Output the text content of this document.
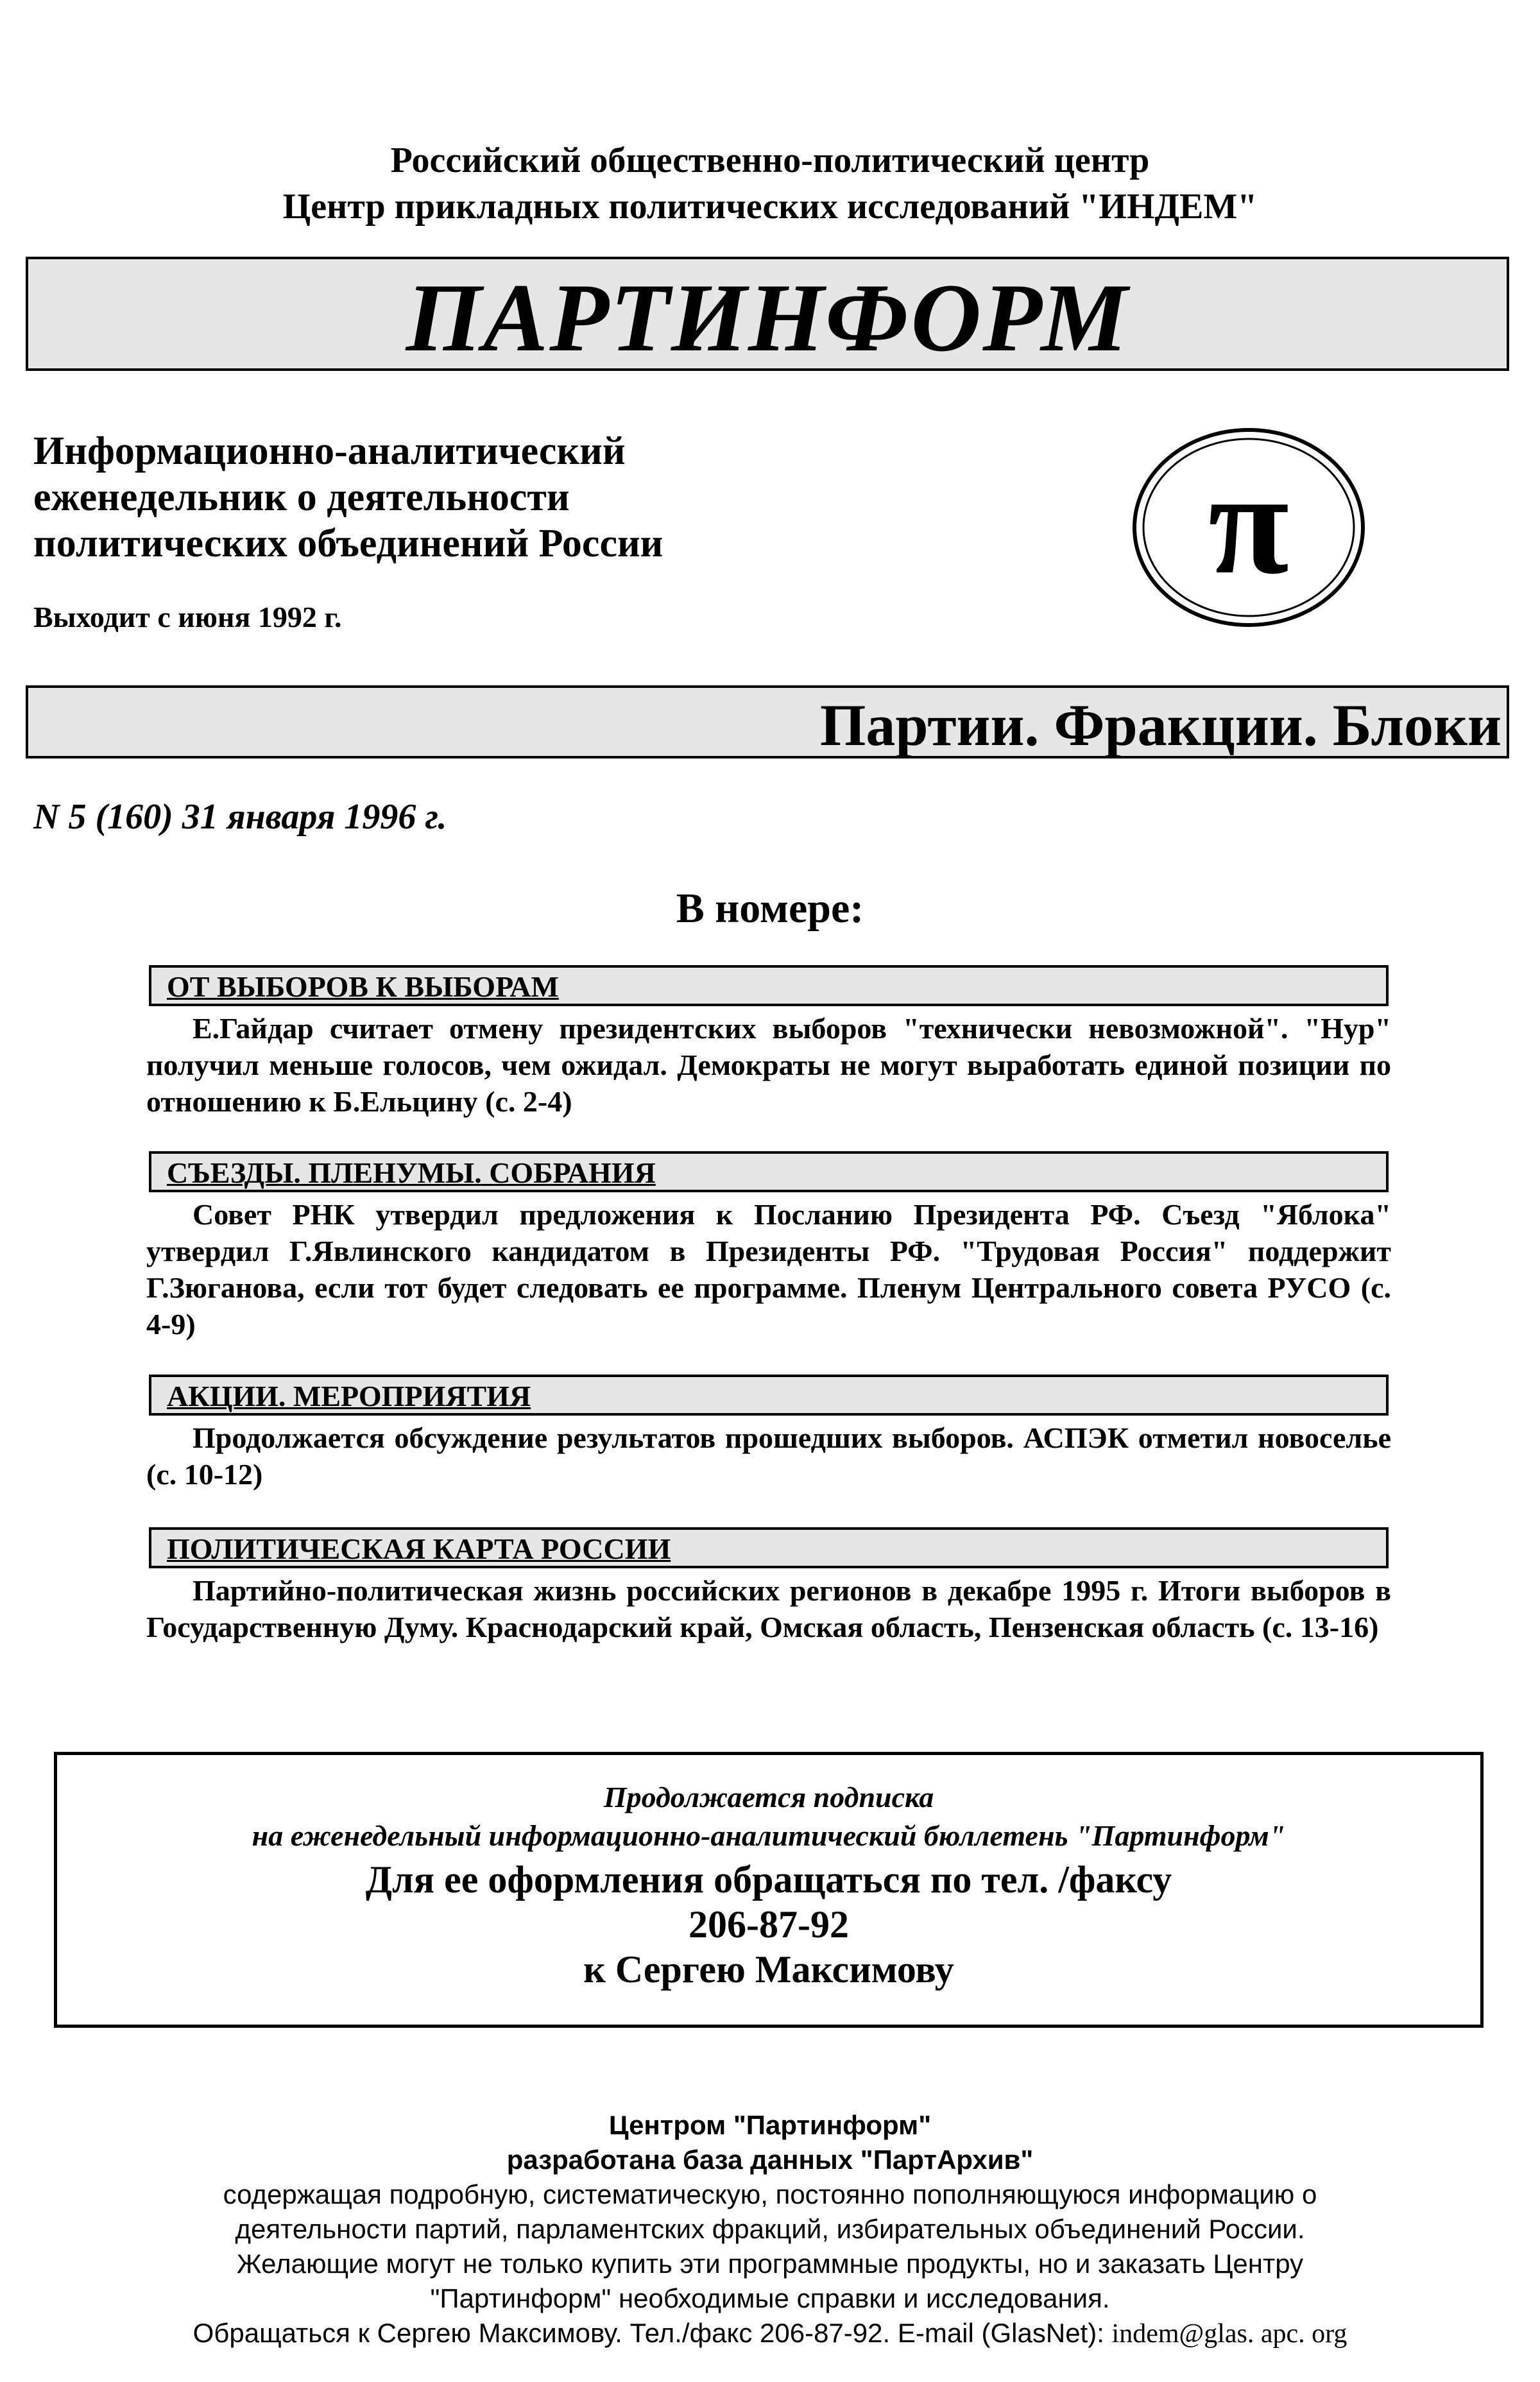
Российский общественно-политический центр
Центр прикладных политических исследований "ИНДЕМ"
ПАРТИНФОРМ
Информационно-аналитический
еженедельник о деятельности
политических объединений России
Выходит с июня 1992 г.
π
Партии. Фракции. Блоки
N 5 (160) 31 января 1996 г.
В номере:
ОТ ВЫБОРОВ К ВЫБОРАМ
Е.Гайдар считает отмену президентских выборов "технически невозможной". "Нур" получил меньше голосов, чем ожидал. Демократы не могут выработать единой позиции по отношению к Б.Ельцину (с. 2-4)
СЪЕЗДЫ. ПЛЕНУМЫ. СОБРАНИЯ
Совет РНК утвердил предложения к Посланию Президента РФ. Съезд "Яблока" утвердил Г.Явлинского кандидатом в Президенты РФ. "Трудовая Россия" поддержит Г.Зюганова, если тот будет следовать ее программе. Пленум Центрального совета РУСО (с. 4-9)
АКЦИИ. МЕРОПРИЯТИЯ
Продолжается обсуждение результатов прошедших выборов. АСПЭК отметил новоселье (с. 10-12)
ПОЛИТИЧЕСКАЯ КАРТА РОССИИ
Партийно-политическая жизнь российских регионов в декабре 1995 г. Итоги выборов в Государственную Думу. Краснодарский край, Омская область, Пензенская область (с. 13-16)
Продолжается подписка
на еженедельный информационно-аналитический бюллетень "Партинформ"
Для ее оформления обращаться по тел. /факсу
206-87-92
к Сергею Максимову
Центром "Партинформ"
разработана база данных "ПартАрхив"
содержащая подробную, систематическую, постоянно пополняющуюся информацию о
деятельности партий, парламентских фракций, избирательных объединений России.
Желающие могут не только купить эти программные продукты, но и заказать Центру
"Партинформ" необходимые справки и исследования.
Обращаться к Сергею Максимову. Тел./факс 206-87-92. E-mail (GlasNet): indem@glas. apc. org
